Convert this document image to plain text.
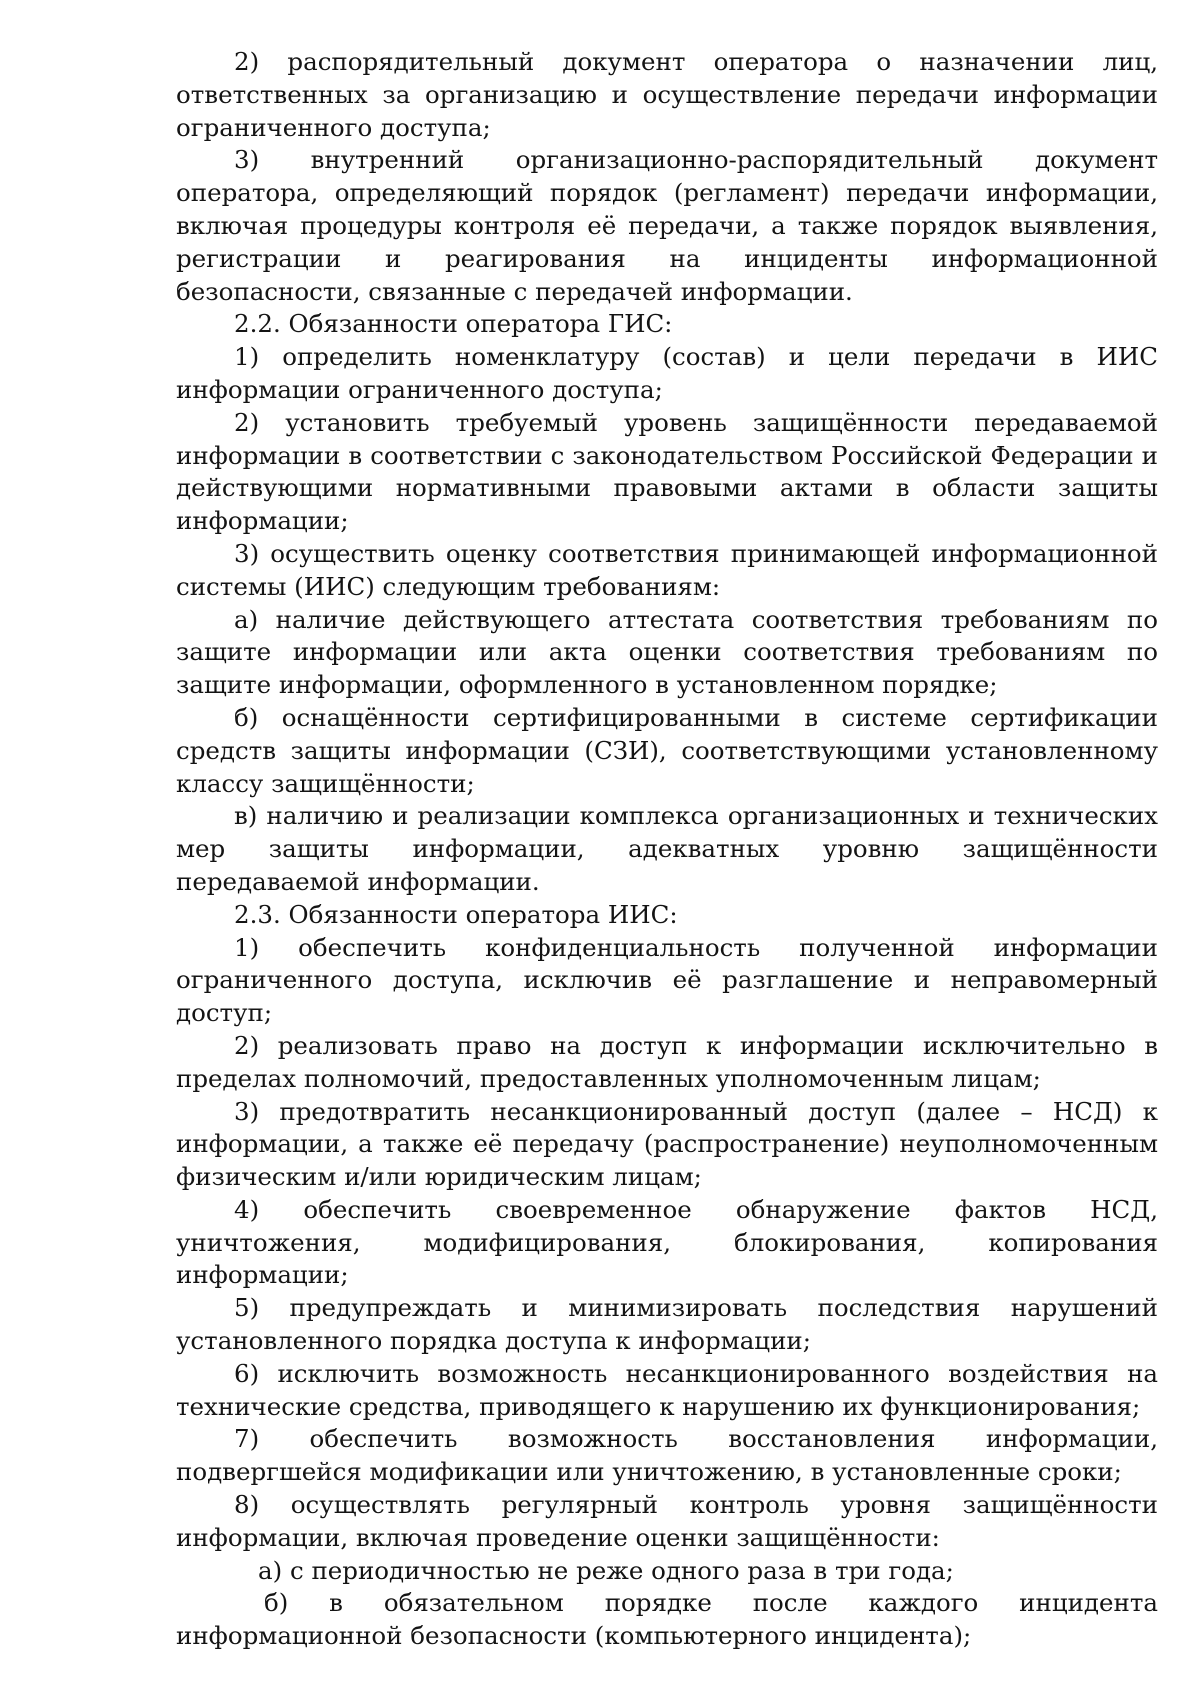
2) распорядительный документ оператора о назначении лиц, ответственных за организацию и осуществление передачи информации ограниченного доступа;

3) внутренний организационно-распорядительный документ оператора, определяющий порядок (регламент) передачи информации, включая процедуры контроля её передачи, а также порядок выявления, регистрации и реагирования на инциденты информационной безопасности, связанные с передачей информации.

2.2. Обязанности оператора ГИС:

1) определить номенклатуру (состав) и цели передачи в ИИС информации ограниченного доступа;

2) установить требуемый уровень защищённости передаваемой информации в соответствии с законодательством Российской Федерации и действующими нормативными правовыми актами в области защиты информации;

3) осуществить оценку соответствия принимающей информационной системы (ИИС) следующим требованиям:

а) наличие действующего аттестата соответствия требованиям по защите информации или акта оценки соответствия требованиям по защите информации, оформленного в установленном порядке;

б) оснащённости сертифицированными в системе сертификации средств защиты информации (СЗИ), соответствующими установленному классу защищённости;

в) наличию и реализации комплекса организационных и технических мер защиты информации, адекватных уровню защищённости передаваемой информации.

2.3. Обязанности оператора ИИС:

1) обеспечить конфиденциальность полученной информации ограниченного доступа, исключив её разглашение и неправомерный доступ;

2) реализовать право на доступ к информации исключительно в пределах полномочий, предоставленных уполномоченным лицам;

3) предотвратить несанкционированный доступ (далее – НСД) к информации, а также её передачу (распространение) неуполномоченным физическим и/или юридическим лицам;

4) обеспечить своевременное обнаружение фактов НСД, уничтожения, модифицирования, блокирования, копирования информации;

5) предупреждать и минимизировать последствия нарушений установленного порядка доступа к информации;

6) исключить возможность несанкционированного воздействия на технические средства, приводящего к нарушению их функционирования;

7) обеспечить возможность восстановления информации, подвергшейся модификации или уничтожению, в установленные сроки;

8) осуществлять регулярный контроль уровня защищённости информации, включая проведение оценки защищённости:

а) с периодичностью не реже одного раза в три года;

б) в обязательном порядке после каждого инцидента информационной безопасности (компьютерного инцидента);
